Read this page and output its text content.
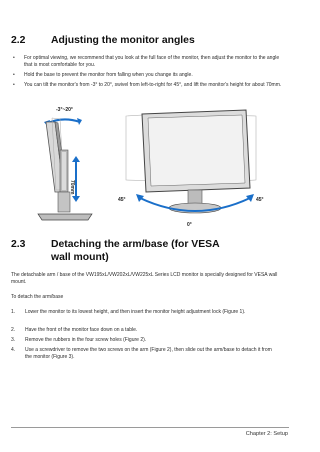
2.2 Adjusting the monitor angles
• For optimal viewing, we recommend that you look at the full face of the monitor, then adjust the monitor to the angle that is most comfortable for you.
• Hold the base to prevent the monitor from falling when you change its angle.
• You can tilt the monitor's from -3° to 20°, swivel from left-to-right for 45°, and lift the monitor's height for about 70mm.
-3°~20°
70mm
45°	45°
0°
2.3 Detaching the arm/base (for VESA
wall mount)
The detachable arm / base of the VW195xL/VW202xL/VW225xL Series LCD monitor is specially designed for VESA wall mount.
To detach the arm/base
1. Lower the monitor to its lowest height, and then insert the monitor height adjustment lock (Figure 1).
2. Have the front of the monitor face down on a table.
3. Remove the rubbers in the four screw holes (Figure 2).
4. Use a screwdriver to remove the two screws on the arm (Figure 2), then slide out the arm/base to detach it from the monitor (Figure 3).
Chapter 2: Setup
